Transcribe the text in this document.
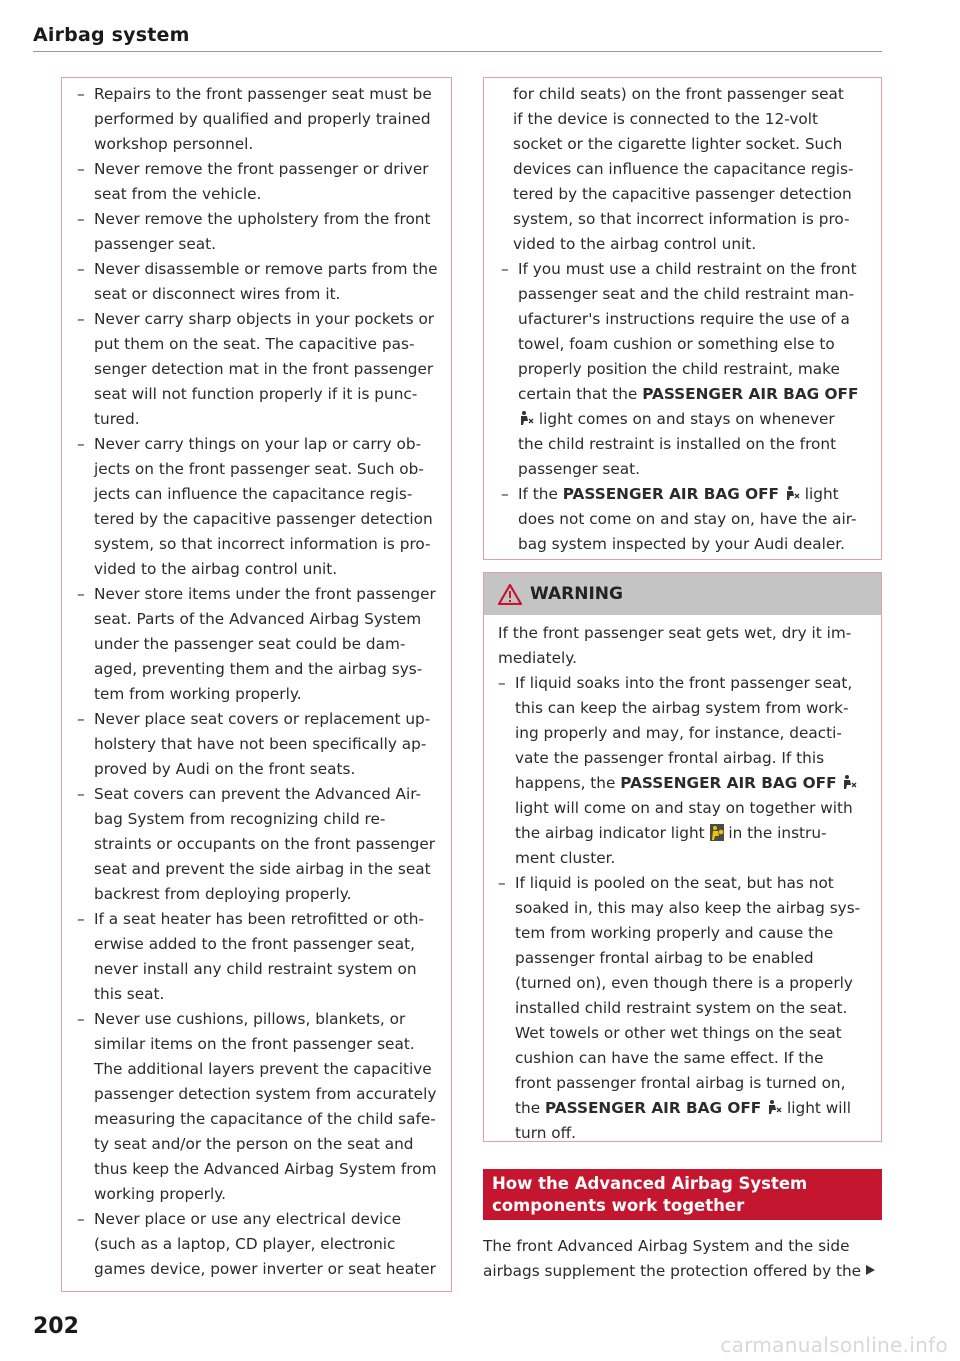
Airbag system
– Repairs to the front passenger seat must be

performed by qualified and properly trained

workshop personnel.

– Never remove the front passenger or driver

seat from the vehicle.

– Never remove the upholstery from the front

passenger seat.

– Never disassemble or remove parts from the

seat or disconnect wires from it.

– Never carry sharp objects in your pockets or

put them on the seat. The capacitive pas-

senger detection mat in the front passenger

seat will not function properly if it is punc-

tured.

– Never carry things on your lap or carry ob-

jects on the front passenger seat. Such ob-

jects can influence the capacitance regis-

tered by the capacitive passenger detection

system, so that incorrect information is pro-

vided to the airbag control unit.

– Never store items under the front passenger

seat. Parts of the Advanced Airbag System

under the passenger seat could be dam-

aged, preventing them and the airbag sys-

tem from working properly.

– Never place seat covers or replacement up-

holstery that have not been specifically ap-

proved by Audi on the front seats.

– Seat covers can prevent the Advanced Air-

bag System from recognizing child re-

straints or occupants on the front passenger

seat and prevent the side airbag in the seat

backrest from deploying properly.

– If a seat heater has been retrofitted or oth-

erwise added to the front passenger seat,

never install any child restraint system on

this seat.

– Never use cushions, pillows, blankets, or

similar items on the front passenger seat.

The additional layers prevent the capacitive

passenger detection system from accurately

measuring the capacitance of the child safe-

ty seat and/or the person on the seat and

thus keep the Advanced Airbag System from

working properly.

– Never place or use any electrical device

(such as a laptop, CD player, electronic

games device, power inverter or seat heater

for child seats) on the front passenger seat

if the device is connected to the 12-volt

socket or the cigarette lighter socket. Such

devices can influence the capacitance regis-

tered by the capacitive passenger detection

system, so that incorrect information is pro-

vided to the airbag control unit.

– If you must use a child restraint on the front

passenger seat and the child restraint man-

ufacturer's instructions require the use of a

towel, foam cushion or something else to

properly position the child restraint, make

certain that the PASSENGER AIR BAG OFF

light comes on and stays on whenever

the child restraint is installed on the front

passenger seat.

– If the PASSENGER AIR BAG OFF  light

does not come on and stay on, have the air-

bag system inspected by your Audi dealer.

WARNING

If the front passenger seat gets wet, dry it im-

mediately.

– If liquid soaks into the front passenger seat,

this can keep the airbag system from work-

ing properly and may, for instance, deacti-

vate the passenger frontal airbag. If this

happens, the PASSENGER AIR BAG OFF

light will come on and stay on together with

the airbag indicator light
in the instru-

ment cluster.

– If liquid is pooled on the seat, but has not

soaked in, this may also keep the airbag sys-

tem from working properly and cause the

passenger frontal airbag to be enabled

(turned on), even though there is a properly

installed child restraint system on the seat.

Wet towels or other wet things on the seat

cushion can have the same effect. If the

front passenger frontal airbag is turned on,

the PASSENGER AIR BAG OFF  light will

turn off.

How the Advanced Airbag System
components work together

The front Advanced Airbag System and the side

airbags supplement the protection offered by the

202
carmanualsonline.info
